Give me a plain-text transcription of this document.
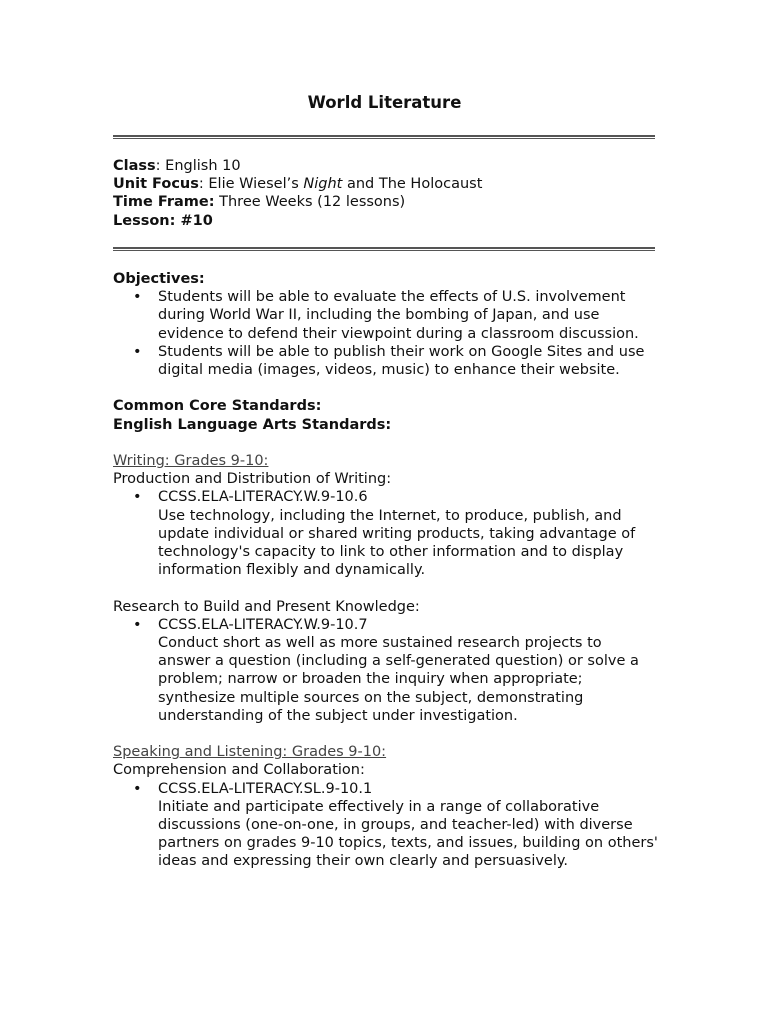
World Literature
Class: English 10
Unit Focus: Elie Wiesel’s Night and The Holocaust
Time Frame: Three Weeks (12 lessons)
Lesson: #10
Objectives:
• Students will be able to evaluate the effects of U.S. involvement during World War II, including the bombing of Japan, and use evidence to defend their viewpoint during a classroom discussion.
• Students will be able to publish their work on Google Sites and use digital media (images, videos, music) to enhance their website.
Common Core Standards:
English Language Arts Standards:
Writing: Grades 9-10:
Production and Distribution of Writing:
• CCSS.ELA-LITERACY.W.9-10.6
Use technology, including the Internet, to produce, publish, and update individual or shared writing products, taking advantage of technology's capacity to link to other information and to display information flexibly and dynamically.
Research to Build and Present Knowledge:
• CCSS.ELA-LITERACY.W.9-10.7
Conduct short as well as more sustained research projects to answer a question (including a self-generated question) or solve a problem; narrow or broaden the inquiry when appropriate; synthesize multiple sources on the subject, demonstrating understanding of the subject under investigation.
Speaking and Listening: Grades 9-10:
Comprehension and Collaboration:
• CCSS.ELA-LITERACY.SL.9-10.1
Initiate and participate effectively in a range of collaborative discussions (one-on-one, in groups, and teacher-led) with diverse partners on grades 9-10 topics, texts, and issues, building on others' ideas and expressing their own clearly and persuasively.
